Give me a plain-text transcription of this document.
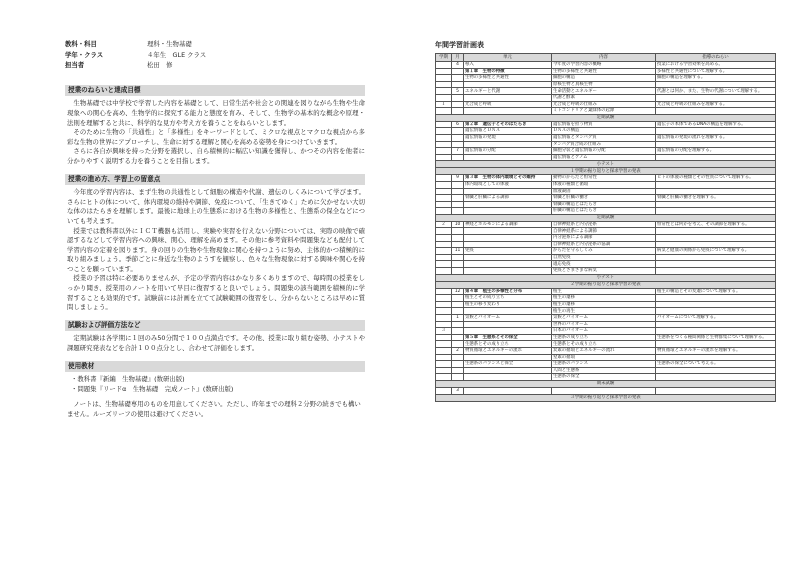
教科・科目	理科・生物基礎
学年・クラス	４年生　GLE クラス
担当者	松田　修
授業のねらいと達成目標

生物基礎では中学校で学習した内容を基礎として、日常生活や社会との関連を図りながら生物や生命現象への関心を高め、生物学的に探究する能力と態度を育み、そして、生物学の基本的な概念や原理・法則を理解すると共に、科学的な見方や考え方を養うことをねらいとします。

そのために生物の「共通性」と「多様性」をキーワードとして、ミクロな視点とマクロな視点から多彩な生物の世界にアプローチし、生命に対する理解と関心を高める姿勢を身につけていきます。

さらに各自が興味を持った分野を選択し、自ら積極的に幅広い知識を獲得し、かつその内容を他者に分かりやすく説明する力を養うことを目指します。

授業の進め方、学習上の留意点

今年度の学習内容は、まず生物の共通性として細胞の構造や代謝、遺伝のしくみについて学びます。さらにヒトの体について、体内環境の維持や調節、免疫について、「生きてゆく」ために欠かせない大切な体のはたらきを理解します。最後に地球上の生態系における生物の多様性と、生態系の保全などについても考えます。

授業では教科書以外にＩＣＴ機器も活用し、実験や実習を行えない分野については、実際の映像で確認するなどして学習内容への興味、関心、理解を高めます。その他に参考資料や問題集なども配付して学習内容の定着を図ります。身の回りの生物や生物現象に関心を持つように努め、主体的かつ積極的に取り組みましょう。季節ごとに身近な生物のようすを観察し、色々な生物現象に対する興味や関心を持つことを願っています。

授業の予習は特に必要ありませんが、予定の学習内容はかなり多くありますので、毎時間の授業をしっかり聞き、授業用のノートを用いて早目に復習すると良いでしょう。問題集の該当範囲を積極的に学習することも効果的です。試験前には計画を立てて試験範囲の復習をし、分からないところは早めに質問しましょう。

試験および評価方法など

定期試験は各学期に１回のみ50分間で１００点満点です。その他、授業に取り組む姿勢、小テストや課題研究発表などを合計１００点分とし、合わせて評価をします。

使用教材
・教科書『新編　生物基礎』(数研出版)
・問題集『リードα　生物基礎　完成ノート』(数研出版)

ノートは、生物基礎専用のものを用意してください。ただし、昨年までの理科２分野の続きでも構いません。ルーズリーフの使用は避けてください。

年間学習計画表
学期	月	単元	内容	指導のねらい
	4	導入	今年度の学習内容の概略	授業における学習効果を高める。
		第１章　生物の特徴	生物の多様性と共通性	多様性と共通性について理解する。
		生物の多様性と共通性	細胞の構造	細胞の構造を理解する。
			原核生物と真核生物	
	5	エネルギーと代謝	生命活動とエネルギー	代謝とは何か、また、生物の代謝について理解する。
			代謝と酵素	
１		光合成と呼吸	光合成と呼吸の仕組み	光合成と呼吸の仕組みを理解する。
			ミトコンドリアと葉緑体の起源	
定期試験				
	6	第２章　遺伝子とそのはたらき	遺伝情報を担う物質	遺伝子の本体であるDNAの構造を理解する。
		遺伝情報とＤＮＡ	ＤＮＡの構造	
		遺伝情報の発現	遺伝情報とタンパク質	遺伝情報の発現の流れを理解する。
			タンパク質合成の仕組み	
	7	遺伝情報の分配	細胞分裂と遺伝情報の分配	遺伝情報の分配を理解する。
			遺伝情報とゲノム	
小テスト				
１学期の振り返りと探求学習の発表				
	9	第３章　生物の体内環境とその維持	動物のからだと恒常性	ヒトの体液の種類とその性質について理解する。
		体内環境としての体液	体液の種類と循環	
			血液凝固	
		腎臓と肝臓による調節	腎臓と肝臓の働き	腎臓と肝臓の働きを理解する。
			腎臓の構造とはたらき	
			肝臓の構造とはたらき	
定期試験				
２	10	神経とホルモンによる調節	自律神経系と内分泌系	恒常性とは何かを考え、その調節を理解する。
			自律神経系による調節	
			内分泌系による調節	
			自律神経系と内分泌系の協調	
	11	免疫	からだを守るしくみ	病気と健康の関係から免疫について理解する。
			自然免疫	
			適応免疫	
			免疫とさまざまな病気	
小テスト				
２学期の振り返りと探求学習の発表				
	12	第４章　植生の多様性と分布	植生	植生の構造とその変遷について理解する。
		植生とその成り立ち	植生の遷移	
		植生の移り変わり	植生の遷移	
			植生の再生	
	1	気候とバイオーム	気候とバイオーム	バイオームについて理解する。
			世界のバイオーム	
３			日本のバイオーム	
		第５章　生態系とその保全	生態系の成り立ち	生態系をつくる種間関係と生物群集について理解する。
		生態系とその成り立ち	生態系とその成り立ち	
	2	物質循環とエネルギーの流れ	炭素の循環とエネルギーの流れ	物質循環とエネルギーの流れを理解する。
			窒素の循環	
		生態系のバランスと保全	生態系のバランス	生態系の保全について考える。
			人間と生態系	
			生態系の保全	
期末試験				
	3			
３学期の振り返りと探求学習の発表				
